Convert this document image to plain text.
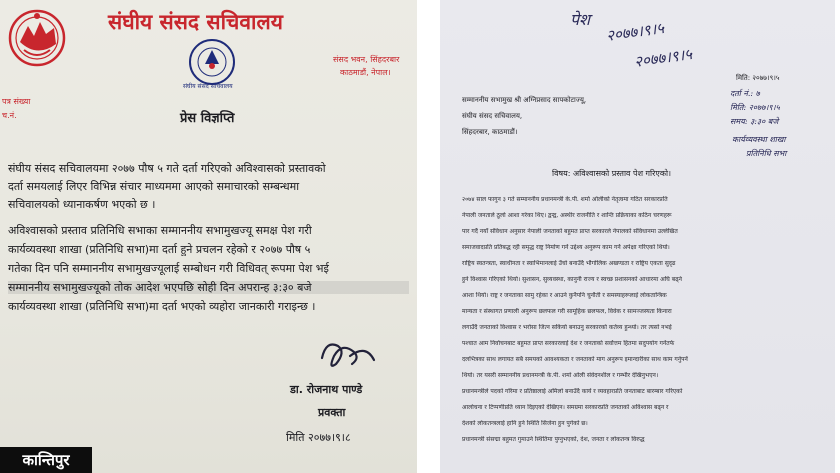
संघीय संसद सचिवालय
संघीय संसद सचिवालय
संसद भवन, सिंहदरबार
काठमाडौं, नेपाल।
पत्र संख्या
च.नं.	प्रेस विज्ञप्ति
संघीय संसद सचिवालयमा २०७७ पौष ५ गते दर्ता गरिएको अविश्वासको प्रस्तावको
दर्ता समयलाई लिएर विभिन्न संचार माध्यममा आएको समाचारको सम्बन्धमा
सचिवालयको ध्यानाकर्षण भएको छ ।
अविश्वासको प्रस्ताव प्रतिनिधि सभाका सम्माननीय सभामुखज्यू समक्ष पेश गरी
कार्यव्यवस्था शाखा (प्रतिनिधि सभा)मा दर्ता हुने प्रचलन रहेको र २०७७ पौष ५
गतेका दिन पनि सम्माननीय सभामुखज्यूलाई सम्बोधन गरी विधिवत् रूपमा पेश भई
सम्माननीय सभामुखज्यूको तोक आदेश भएपछि सोही दिन अपरान्ह ३:३० बजे
कार्यव्यवस्था शाखा (प्रतिनिधि सभा)मा दर्ता भएको व्यहोरा जानकारी गराइन्छ ।
डा. रोजनाथ पाण्डे
प्रवक्ता
मिति २०७७।९।८
पेश २०७७।९।५
२०७७।९।५
मिति: २०७७।९।५
दर्ता नं.: ७
मिति: २०७७।९।५
समय: ३:३० बजे
कार्यव्यवस्था शाखा
प्रतिनिधि सभा
सम्माननीय सभामुख श्री अग्निप्रसाद सापकोटाज्यू,
संघीय संसद सचिवालय,
सिंहदरबार, काठमाडौं।
विषय: अविश्वासको प्रस्ताव पेश गरिएको।
२०७४ साल फागुन ३ गते सम्माननीय प्रधानमन्त्री के.पी. शर्मा ओलीको नेतृत्वमा गठित सरकारप्रति
नेपाली जनताले ठूलो आशा गरेका थिए। द्वन्द्व, अस्थीर राजनीति र शान्ति प्रक्रियाका कठिन चरणहरू
पार गर्दै नयाँ संविधान अनुसार नेपाली जनताको बहुमत प्राप्त सरकारले नेपालको संविधानमा उल्लेखित
समाजवादप्रति प्रतिबद्ध रही समृद्ध राष्ट्र निर्माण गर्ने उद्देश्य अनुरूप काम गर्ने अपेक्षा गरिएको थियो।
राष्ट्रिय स्वतन्त्रता, स्वाधीनता र स्वाभिमानलाई उँचो बनाउँदै भौगोलिक अखण्डता र राष्ट्रिय एकता सुदृढ
हुने विश्वास गरिएको थियो। सुशासन, सुव्यवस्था, कानुनी राज्य र स्वच्छ प्रशासनको आधारमा अघि बढ्ने
आशा थियो। राष्ट्र र जनताका सामु रहेका र आउने कुनैपनि चुनौती र समस्याहरूलाई लोकतान्त्रिक
मान्यता र संस्थागत प्रणाली अनुरूप छलफल गरी सामूहिक छलफल, विवेक र सामञ्जस्यता किनारा
लगाउँदै जनताको विश्वास र भरोसा जित्न सकियो बनाउनु सरकारको कर्तव्य हुन्थ्यो। तर त्यसो नभई
पश्चात आम निर्वाचनबाट बहुमत प्राप्त सरकारलाई देश र जनताको सर्वोत्तम हितमा सदुपयोग गर्नेतर्फ
दलभित्रका साथ लगायत सबै समयको आवश्यकता र जनताको माग अनुरूप इमान्दारीका साथ काम गर्नुपर्ने
थियो। तर यसरी सम्माननीय प्रधानमन्त्री के.पी. शर्मा ओली संवेदनशील र गम्भीर देखिनुभएन।
प्रधानमन्त्रीले पदको गरिमा र प्रतिष्ठालाई अमिलो बनाउँदै कार्य र व्यवहारप्रति जनताबाट बारम्बार गरिएको
आलोचना र टिप्पणीप्रति ध्यान दिइएको देखिएन। समग्रमा सरकारप्रति जनताको अविश्वास बढ्न र
देशको लोकतन्त्रलाई हानि हुने स्थिति सिर्जना हुन पुगेको छ।
प्रधानमन्त्री संसद्मा बहुमत गुमाउने स्थितिमा पुग्नुभएको, देश, जनता र लोकतन्त्र विरुद्ध
कान्तिपुर
